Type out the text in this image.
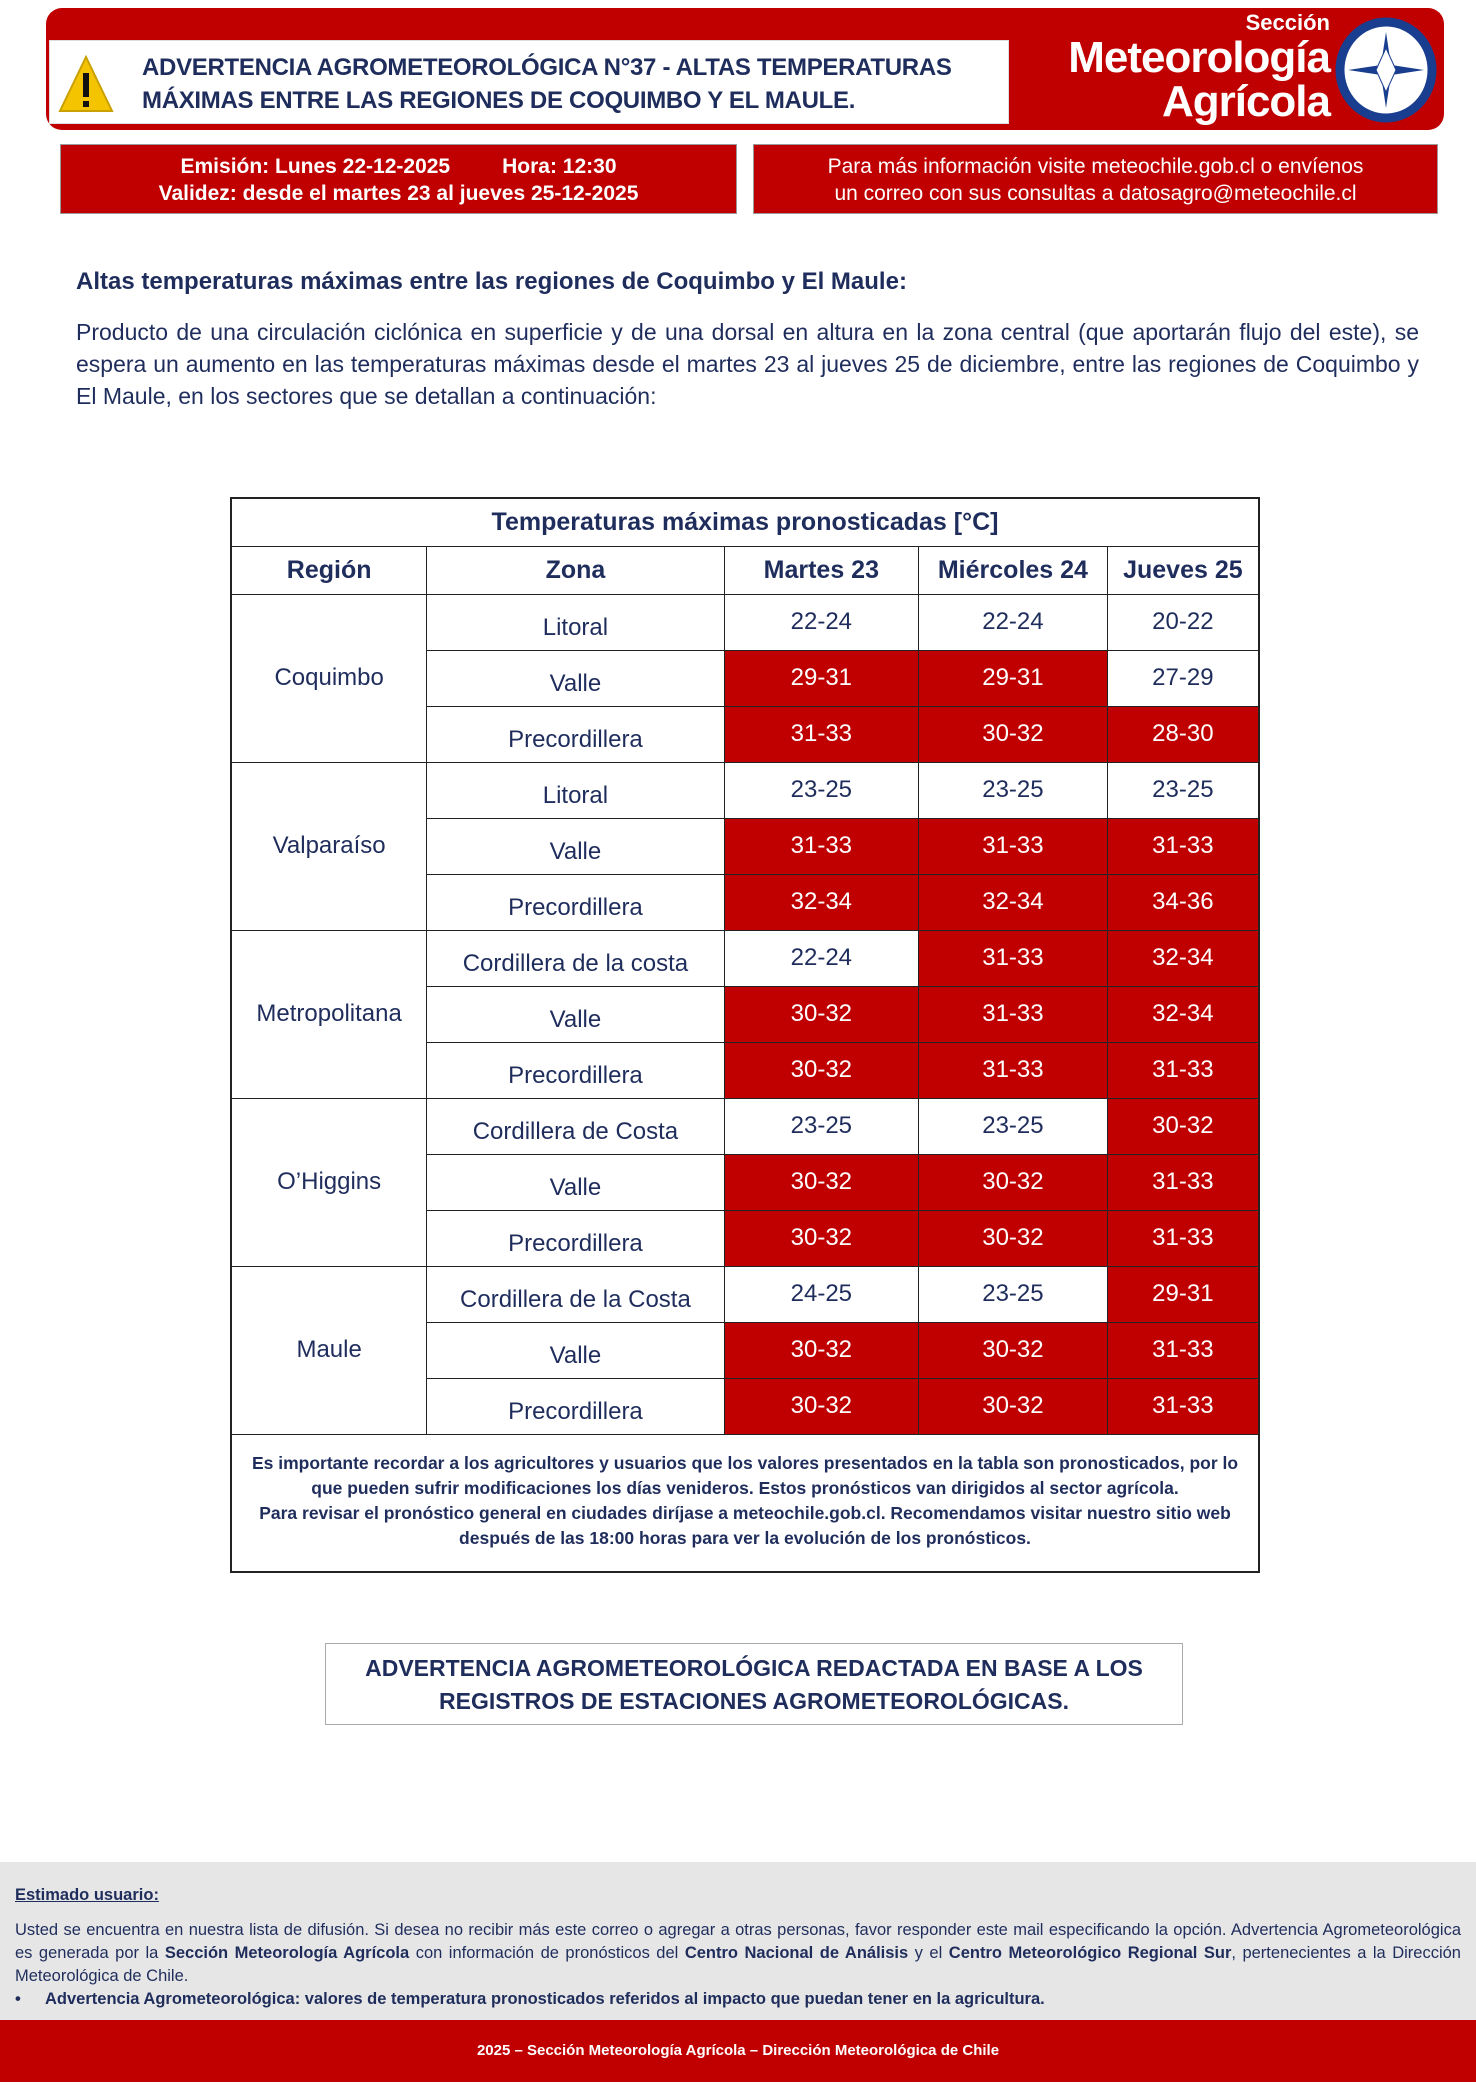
ADVERTENCIA AGROMETEOROLÓGICA N°37 - ALTAS TEMPERATURAS
MÁXIMAS ENTRE LAS REGIONES DE COQUIMBO Y EL MAULE.
Sección
Meteorología
Agrícola
Emisión: Lunes 22-12-2025 Hora: 12:30
Validez: desde el martes 23 al jueves 25-12-2025
Para más información visite meteochile.gob.cl o envíenos
un correo con sus consultas a datosagro@meteochile.cl
Altas temperaturas máximas entre las regiones de Coquimbo y El Maule:

Producto de una circulación ciclónica en superficie y de una dorsal en altura en la zona central (que aportarán flujo del este), se espera un aumento en las temperaturas máximas desde el martes 23 al jueves 25 de diciembre, entre las regiones de Coquimbo y El Maule, en los sectores que se detallan a continuación:

Temperaturas máximas pronosticadas [°C]				
Región	Zona	Martes 23	Miércoles 24	Jueves 25
Coquimbo	Litoral	22-24	22-24	20-22
	Valle	29-31	29-31	27-29
	Precordillera	31-33	30-32	28-30
Valparaíso	Litoral	23-25	23-25	23-25
	Valle	31-33	31-33	31-33
	Precordillera	32-34	32-34	34-36
Metropolitana	Cordillera de la costa	22-24	31-33	32-34
	Valle	30-32	31-33	32-34
	Precordillera	30-32	31-33	31-33
O’Higgins	Cordillera de Costa	23-25	23-25	30-32
	Valle	30-32	30-32	31-33
	Precordillera	30-32	30-32	31-33
Maule	Cordillera de la Costa	24-25	23-25	29-31
	Valle	30-32	30-32	31-33
	Precordillera	30-32	30-32	31-33

Es importante recordar a los agricultores y usuarios que los valores presentados en la tabla son pronosticados, por lo que pueden sufrir modificaciones los días venideros. Estos pronósticos van dirigidos al sector agrícola.
Para revisar el pronóstico general en ciudades diríjase a meteochile.gob.cl. Recomendamos visitar nuestro sitio web después de las 18:00 horas para ver la evolución de los pronósticos.				
ADVERTENCIA AGROMETEOROLÓGICA REDACTADA EN BASE A LOS
REGISTROS DE ESTACIONES AGROMETEOROLÓGICAS.
Estimado usuario:

Usted se encuentra en nuestra lista de difusión. Si desea no recibir más este correo o agregar a otras personas, favor responder este mail especificando la opción. Advertencia Agrometeorológica es generada por la Sección Meteorología Agrícola con información de pronósticos del Centro Nacional de Análisis y el Centro Meteorológico Regional Sur, pertenecientes a la Dirección Meteorológica de Chile.

• Advertencia Agrometeorológica: valores de temperatura pronosticados referidos al impacto que puedan tener en la agricultura.
2025 – Sección Meteorología Agrícola – Dirección Meteorológica de Chile
